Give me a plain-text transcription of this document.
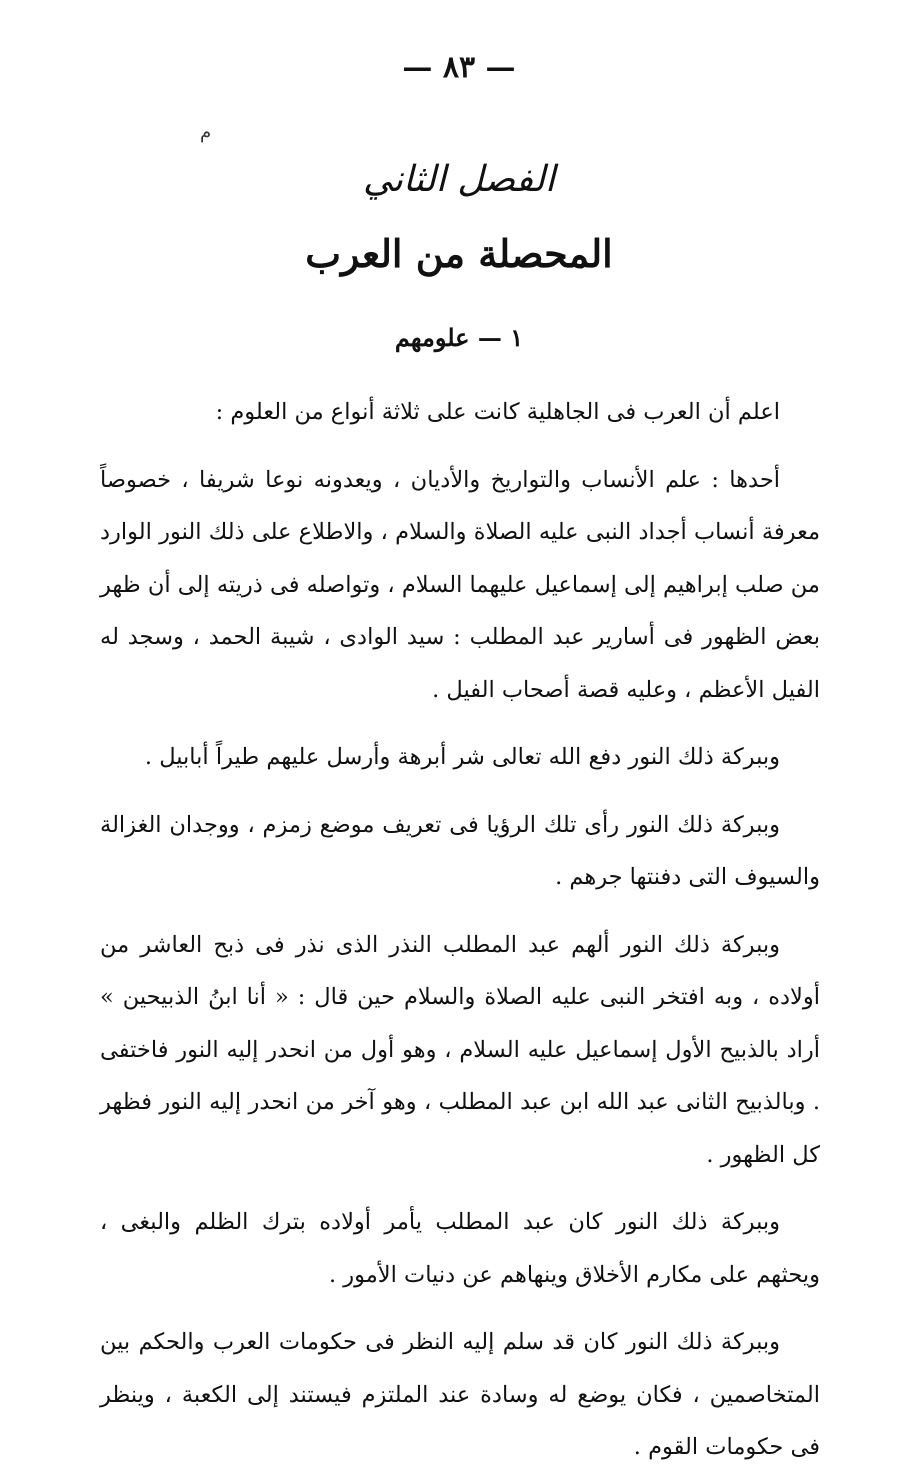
— ٨٣ —
م
الفصل الثاني
المحصلة من العرب
١ — علومهم

اعلم أن العرب فى الجاهلية كانت على ثلاثة أنواع من العلوم :

أحدها : علم الأنساب والتواريخ والأديان ، ويعدونه نوعا شريفا ، خصوصاً معرفة أنساب أجداد النبى عليه الصلاة والسلام ، والاطلاع على ذلك النور الوارد من صلب إبراهيم إلى إسماعيل عليهما السلام ، وتواصله فى ذريته إلى أن ظهر بعض الظهور فى أسارير عبد المطلب : سيد الوادى ، شيبة الحمد ، وسجد له الفيل الأعظم ، وعليه قصة أصحاب الفيل .

وببركة ذلك النور دفع الله تعالى شر أبرهة وأرسل عليهم طيراً أبابيل .

وببركة ذلك النور رأى تلك الرؤيا فى تعريف موضع زمزم ، ووجدان الغزالة والسيوف التى دفنتها جرهم .

وببركة ذلك النور ألهم عبد المطلب النذر الذى نذر فى ذبح العاشر من أولاده ، وبه افتخر النبى عليه الصلاة والسلام حين قال : « أنا ابنُ الذبيحين » أراد بالذبيح الأول إسماعيل عليه السلام ، وهو أول من انحدر إليه النور فاختفى . وبالذبيح الثانى عبد الله ابن عبد المطلب ، وهو آخر من انحدر إليه النور فظهر كل الظهور .

وببركة ذلك النور كان عبد المطلب يأمر أولاده بترك الظلم والبغى ، ويحثهم على مكارم الأخلاق وينهاهم عن دنيات الأمور .

وببركة ذلك النور كان قد سلم إليه النظر فى حكومات العرب والحكم بين المتخاصمين ، فكان يوضع له وسادة عند الملتزم فيستند إلى الكعبة ، وينظر فى حكومات القوم .
